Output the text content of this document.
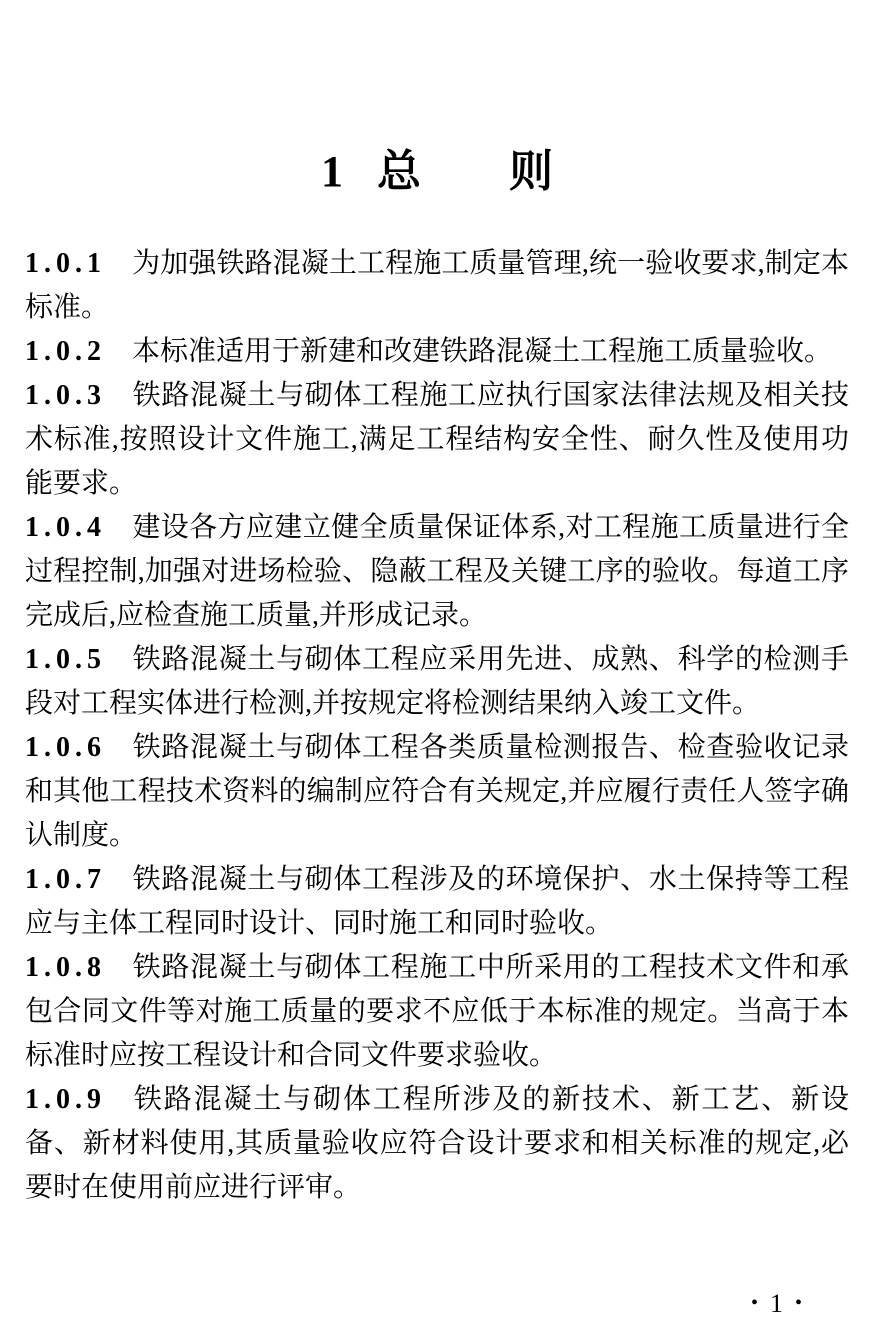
1 总 则

1.0.1 为加强铁路混凝土工程施工质量管理,统一验收要求,制定本标准。

1.0.2 本标准适用于新建和改建铁路混凝土工程施工质量验收。

1.0.3 铁路混凝土与砌体工程施工应执行国家法律法规及相关技术标准,按照设计文件施工,满足工程结构安全性、耐久性及使用功能要求。

1.0.4 建设各方应建立健全质量保证体系,对工程施工质量进行全过程控制,加强对进场检验、隐蔽工程及关键工序的验收。每道工序完成后,应检查施工质量,并形成记录。

1.0.5 铁路混凝土与砌体工程应采用先进、成熟、科学的检测手段对工程实体进行检测,并按规定将检测结果纳入竣工文件。

1.0.6 铁路混凝土与砌体工程各类质量检测报告、检查验收记录和其他工程技术资料的编制应符合有关规定,并应履行责任人签字确认制度。

1.0.7 铁路混凝土与砌体工程涉及的环境保护、水土保持等工程应与主体工程同时设计、同时施工和同时验收。

1.0.8 铁路混凝土与砌体工程施工中所采用的工程技术文件和承包合同文件等对施工质量的要求不应低于本标准的规定。当高于本标准时应按工程设计和合同文件要求验收。

1.0.9 铁路混凝土与砌体工程所涉及的新技术、新工艺、新设备、新材料使用,其质量验收应符合设计要求和相关标准的规定,必要时在使用前应进行评审。

• 1 •
